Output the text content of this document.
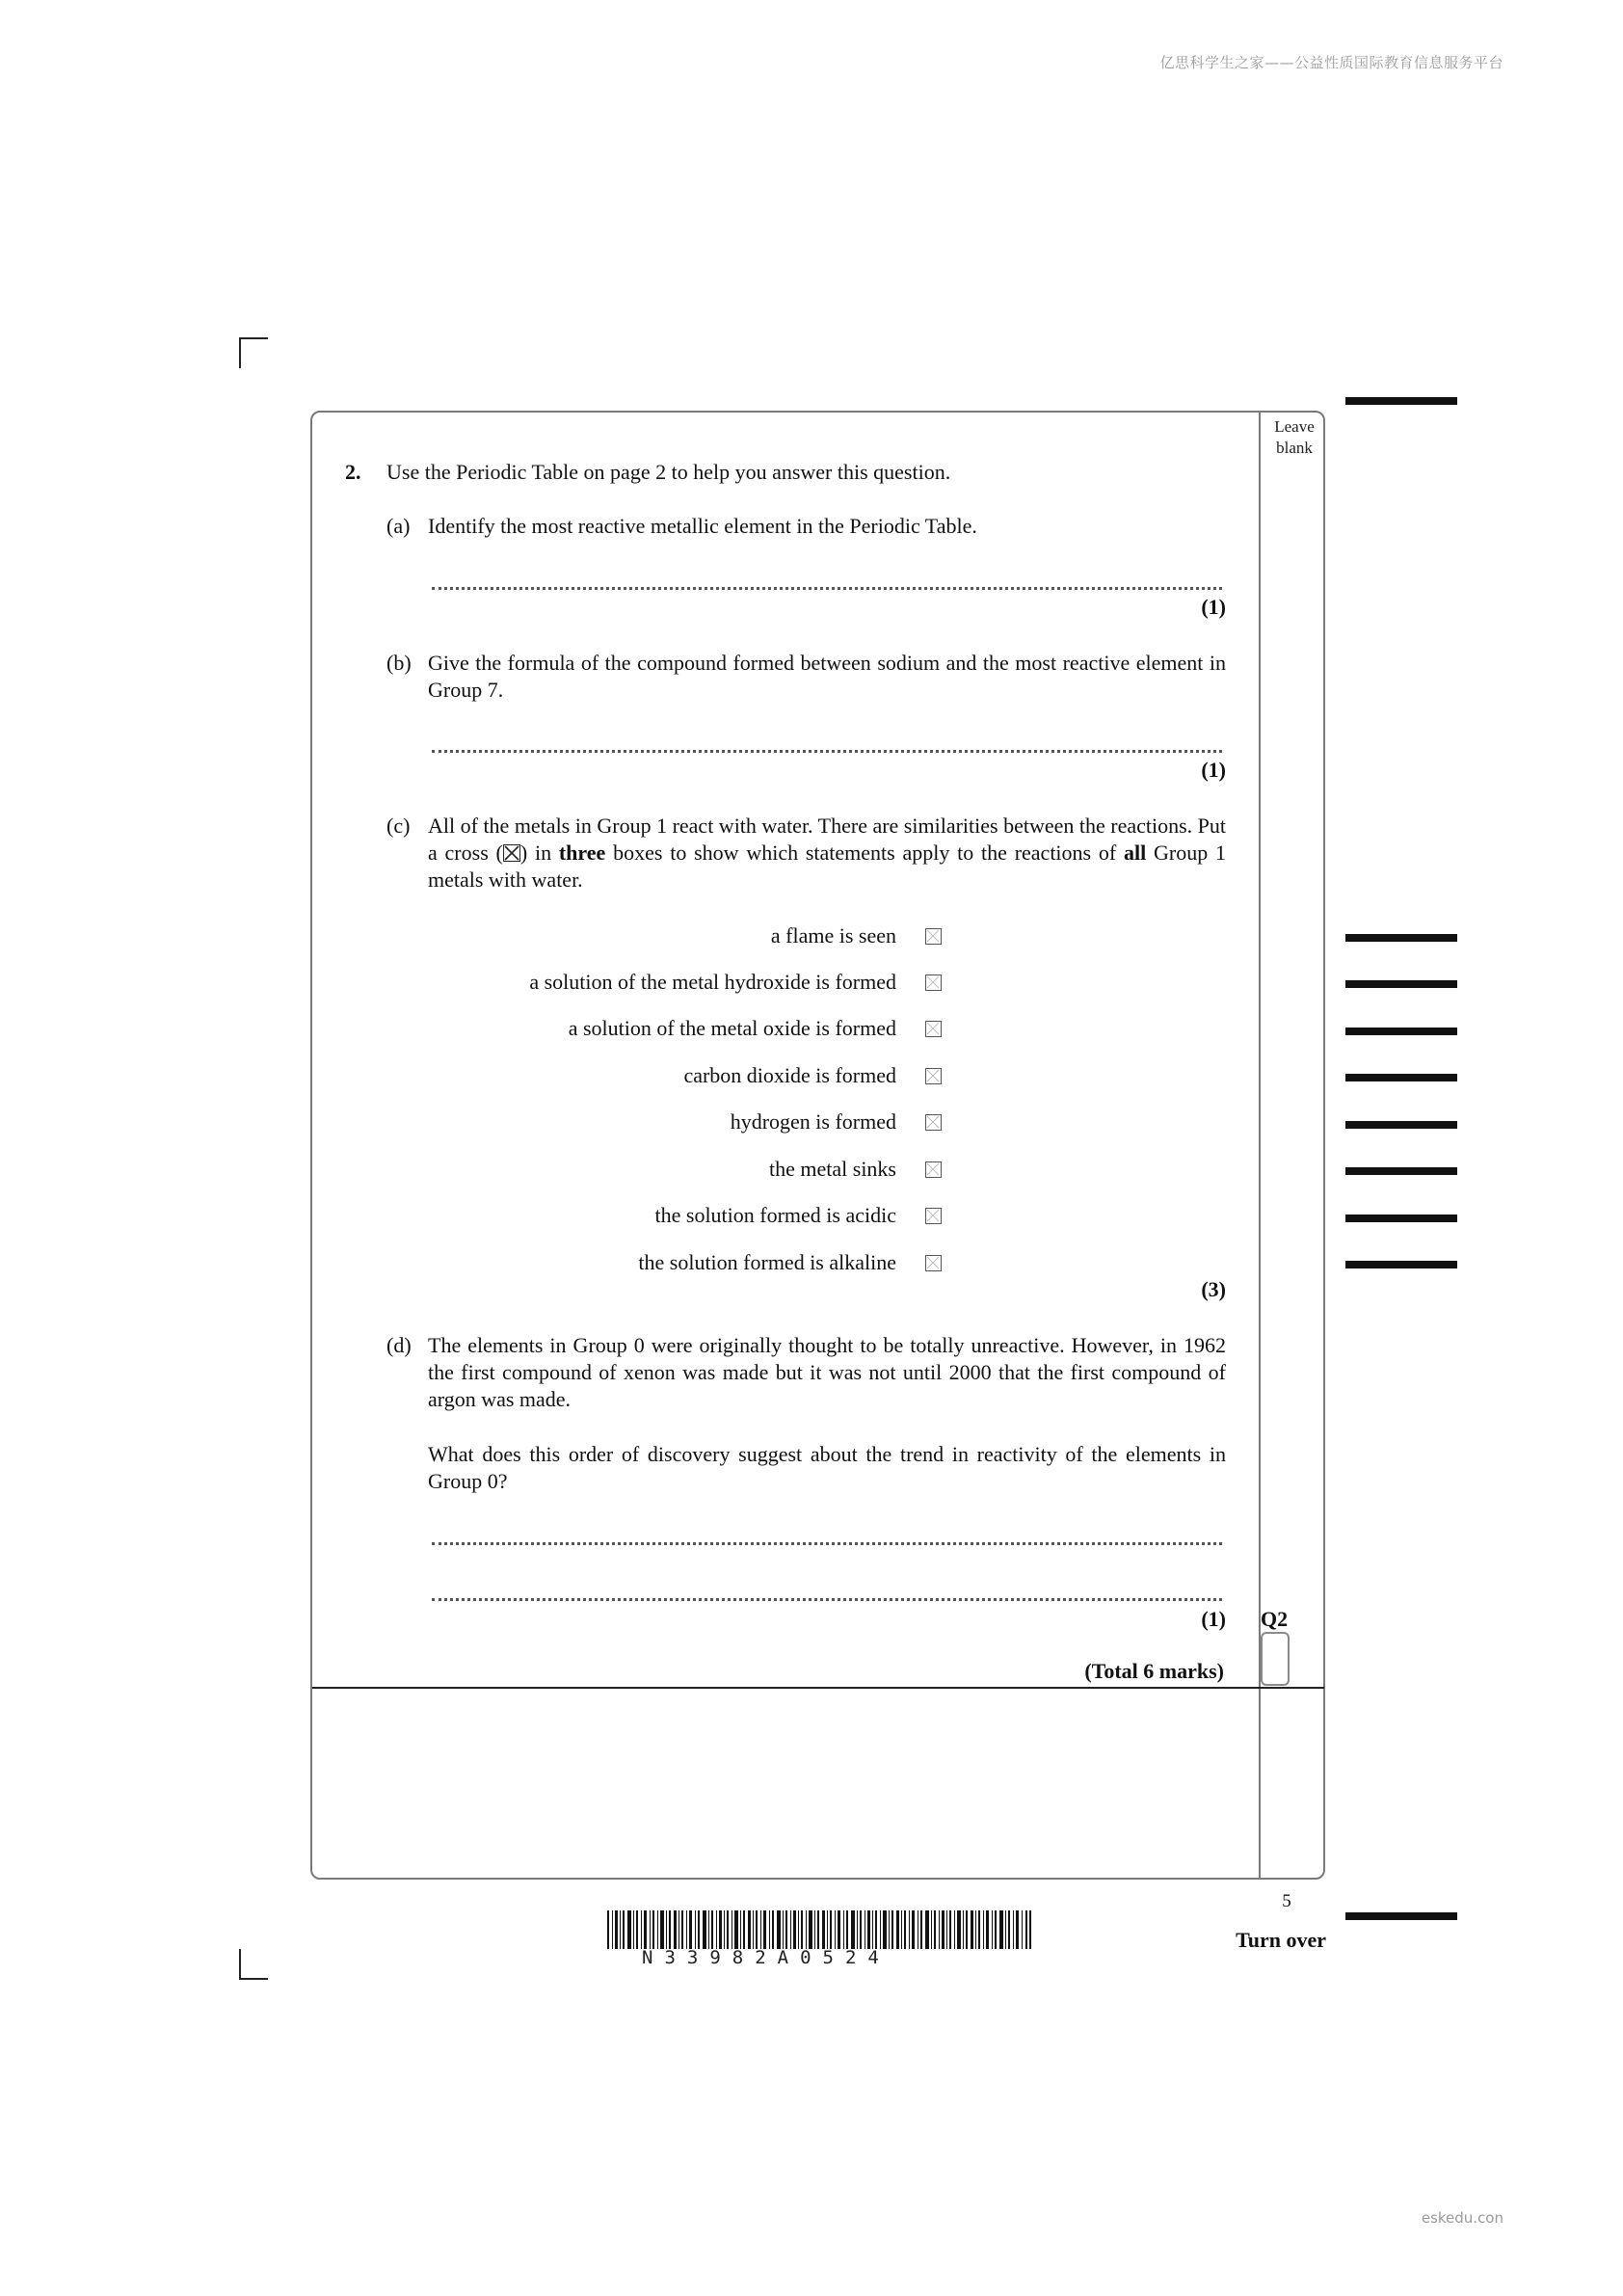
亿思科学生之家——公益性质国际教育信息服务平台
eskedu.con
Leave
blank
2. Use the Periodic Table on page 2 to help you answer this question.
(a) Identify the most reactive metallic element in the Periodic Table.
(1)
(b) Give the formula of the compound formed between sodium and the most reactive element in Group 7.
(1)
(c) All of the metals in Group 1 react with water. There are similarities between the reactions. Put a cross (☒) in three boxes to show which statements apply to the reactions of all Group 1 metals with water.
a flame is seen
a solution of the metal hydroxide is formed
a solution of the metal oxide is formed
carbon dioxide is formed
hydrogen is formed
the metal sinks
the solution formed is acidic
the solution formed is alkaline
(3)
(d) The elements in Group 0 were originally thought to be totally unreactive. However, in 1962 the first compound of xenon was made but it was not until 2000 that the first compound of argon was made.
What does this order of discovery suggest about the trend in reactivity of the elements in Group 0?
(1) Q2
(Total 6 marks)
5
Turn over
N33982A0524
